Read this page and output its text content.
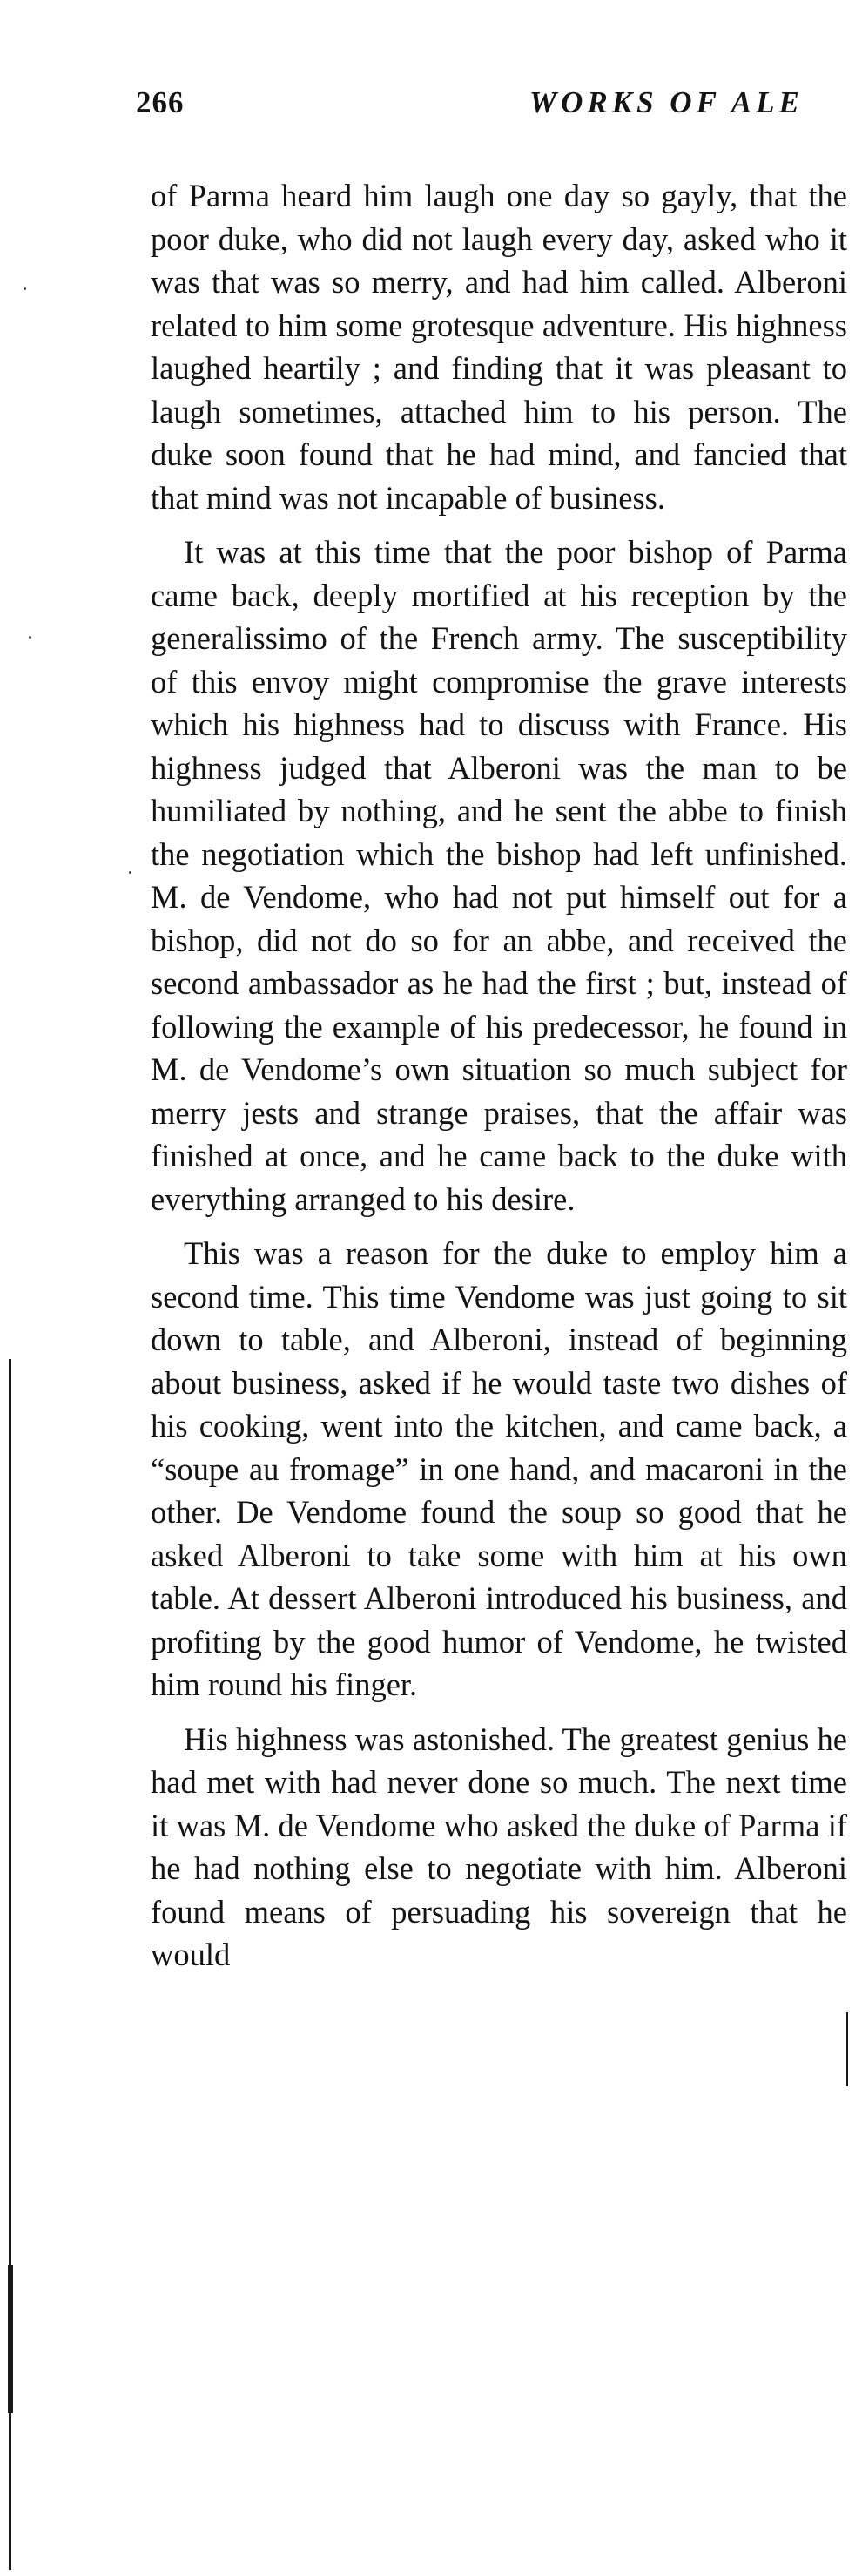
266	WORKS OF ALE

of Parma heard him laugh one day so gayly, that the poor duke, who did not laugh every day, asked who it was that was so merry, and had him called. Alberoni related to him some grotesque adventure. His highness laughed heartily ; and finding that it was pleasant to laugh sometimes, attached him to his person. The duke soon found that he had mind, and fancied that that mind was not incapable of business.

It was at this time that the poor bishop of Parma came back, deeply mortified at his reception by the generalissimo of the French army. The susceptibility of this envoy might compromise the grave interests which his highness had to discuss with France. His highness judged that Alberoni was the man to be humiliated by nothing, and he sent the abbe to finish the negotiation which the bishop had left unfinished. M. de Vendome, who had not put himself out for a bishop, did not do so for an abbe, and received the second ambassador as he had the first ; but, instead of following the example of his predecessor, he found in M. de Vendome’s own situation so much subject for merry jests and strange praises, that the affair was finished at once, and he came back to the duke with everything arranged to his desire.

This was a reason for the duke to employ him a second time. This time Vendome was just going to sit down to table, and Alberoni, instead of beginning about business, asked if he would taste two dishes of his cooking, went into the kitchen, and came back, a “soupe au fromage” in one hand, and macaroni in the other. De Vendome found the soup so good that he asked Alberoni to take some with him at his own table. At dessert Alberoni introduced his business, and profiting by the good humor of Vendome, he twisted him round his finger.

His highness was astonished. The greatest genius he had met with had never done so much. The next time it was M. de Vendome who asked the duke of Parma if he had nothing else to negotiate with him. Alberoni found means of persuading his sovereign that he would
